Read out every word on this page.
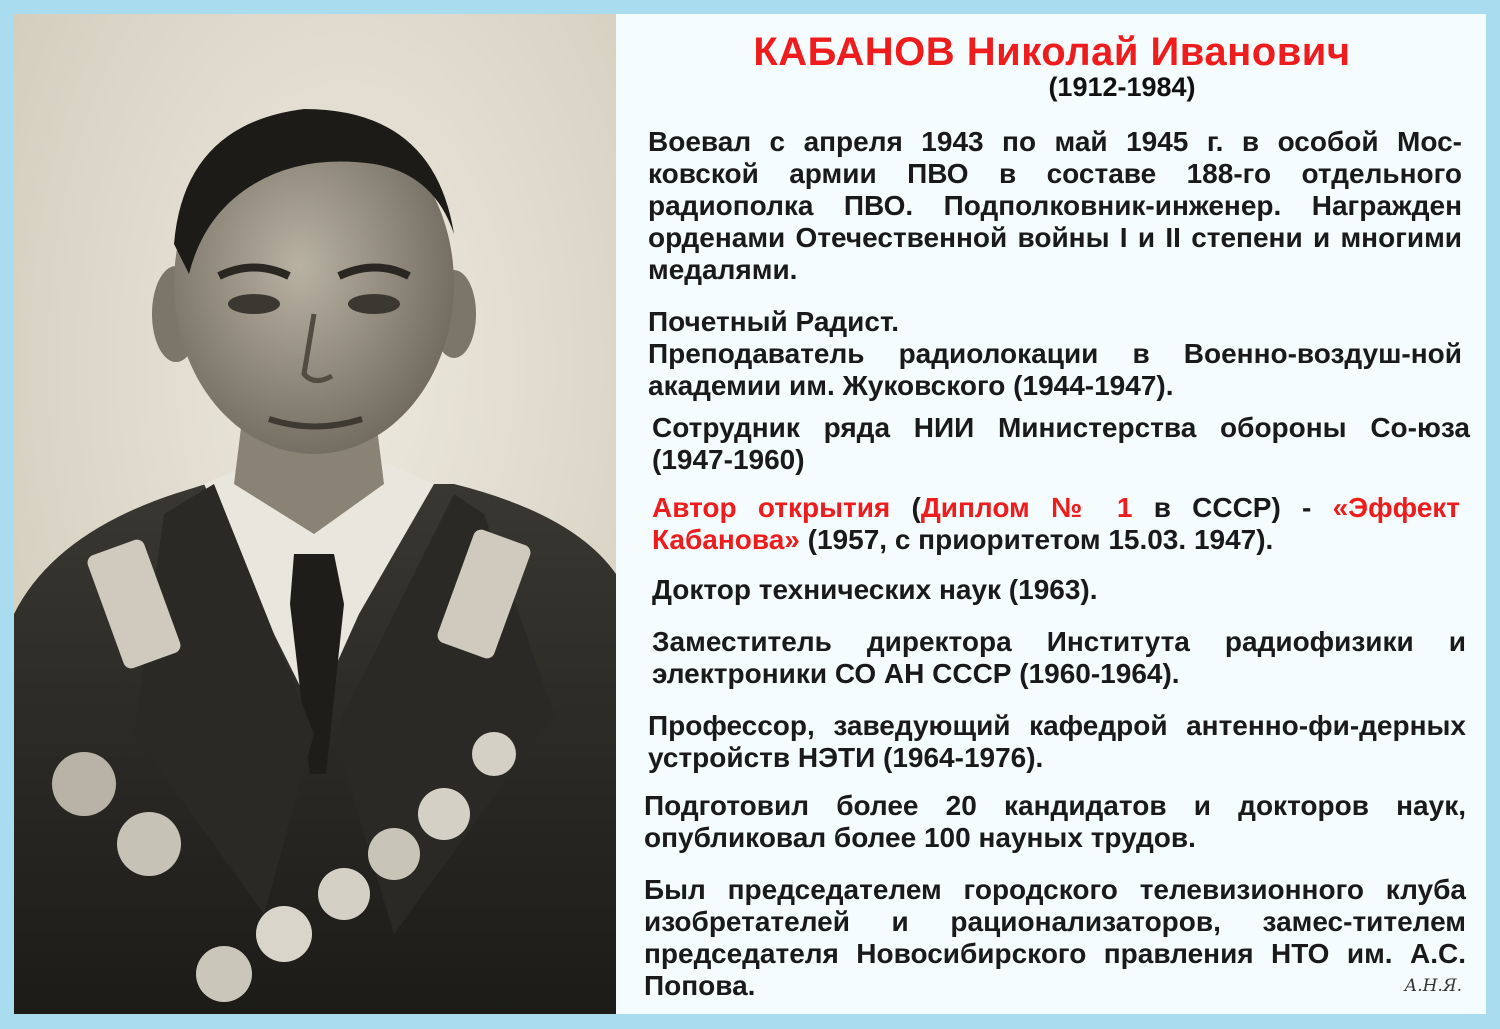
КАБАНОВ Николай Иванович
(1912-1984)
Воевал с апреля 1943 по май 1945 г. в особой Мос-ковской армии ПВО в составе 188-го отдельного радиополка ПВО. Подполковник-инженер. Награжден орденами Отечественной войны I и II степени и многими медалями.
Почетный Радист.
Преподаватель радиолокации в Военно-воздуш-ной академии им. Жуковского (1944-1947).
Сотрудник ряда НИИ Министерства обороны Со-юза (1947-1960)
Автор открытия (Диплом № 1 в СССР) - «Эффект Кабанова» (1957, с приоритетом 15.03. 1947).
Доктор технических наук (1963).
Заместитель директора Института радиофизики и электроники СО АН СССР (1960-1964).
Профессор, заведующий кафедрой антенно-фи-дерных устройств НЭТИ (1964-1976).
Подготовил более 20 кандидатов и докторов наук, опубликовал более 100 науных трудов.
Был председателем городского телевизионного клуба изобретателей и рационализаторов, замес-тителем председателя Новосибирского правления НТО им. А.С. Попова.	А.Н.Я.
